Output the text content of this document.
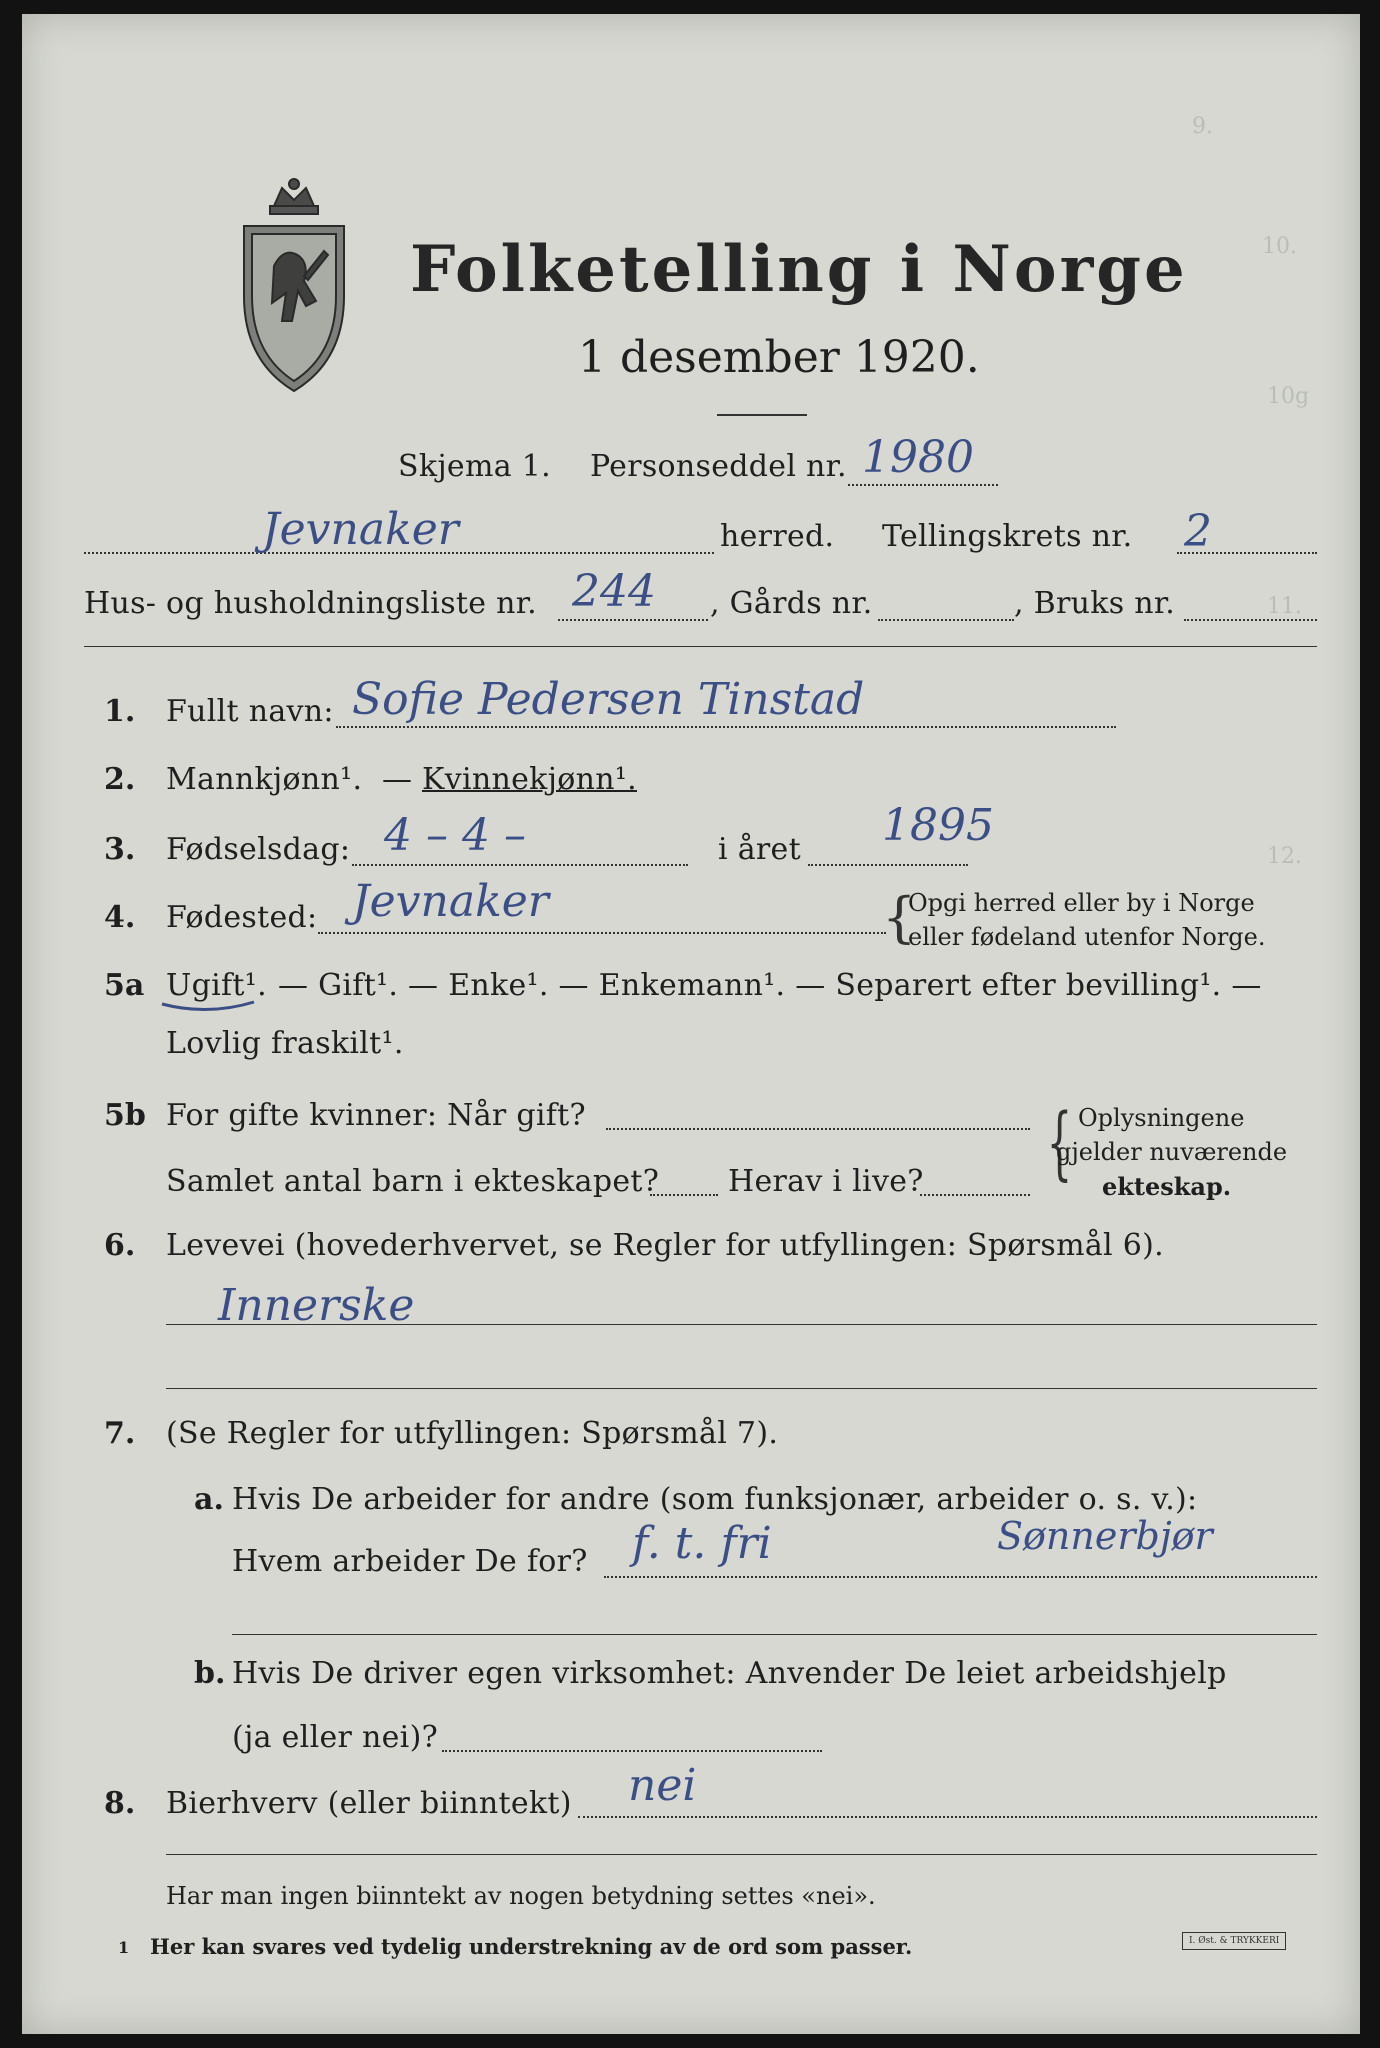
9.
10.
10g
11.
12.
Folketelling i Norge
1 desember 1920.
Skjema 1. Personseddel nr. 1980
Jevnaker	herred. Tellingskrets nr. 2
Hus- og husholdningsliste nr. 244 , Gårds nr.	, Bruks nr.
1. Fullt navn: Sofie Pedersen Tinstad
2. Mannkjønn¹. — Kvinnekjønn¹.
3. Fødselsdag: 4 – 4 –	i året 1895
4. Fødested: Jevnaker	{
Opgi herred eller by i Norge
eller fødeland utenfor Norge.
5a Ugift¹. — Gift¹. — Enke¹. — Enkemann¹. — Separert efter bevilling¹. —
Lovlig fraskilt¹.
5b For gifte kvinner: Når gift?
Samlet antal barn i ekteskapet? Herav i live? { Oplysningene
gjelder nuværende
ekteskap.
6. Levevei (hovederhvervet, se Regler for utfyllingen: Spørsmål 6).
Innerske
7. (Se Regler for utfyllingen: Spørsmål 7).
a. Hvis De arbeider for andre (som funksjonær, arbeider o. s. v.):
Hvem arbeider De for? f. t. fri	Sønnerbjør
b. Hvis De driver egen virksomhet: Anvender De leiet arbeidshjelp
(ja eller nei)?
8. Bierhverv (eller biinntekt) nei
Har man ingen biinntekt av nogen betydning settes «nei».
1 Her kan svares ved tydelig understrekning av de ord som passer.	I. Øst. & TRYKKERI
